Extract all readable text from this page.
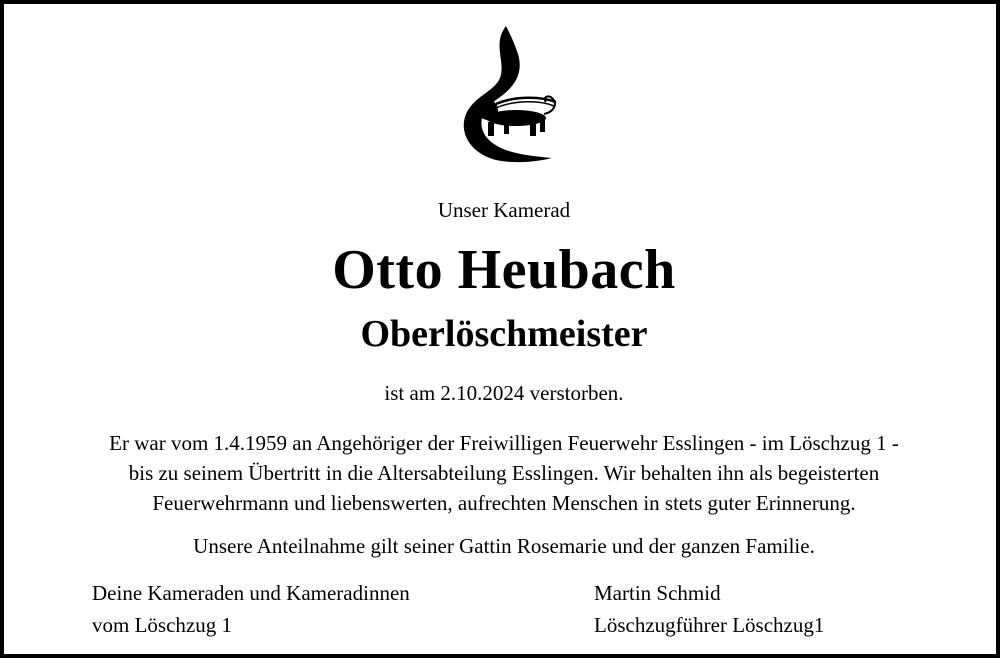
Unser Kamerad
Otto Heubach
Oberlöschmeister
ist am 2.10.2024 verstorben.
Er war vom 1.4.1959 an Angehöriger der Freiwilligen Feuerwehr Esslingen - im Löschzug 1 -
bis zu seinem Übertritt in die Altersabteilung Esslingen. Wir behalten ihn als begeisterten
Feuerwehrmann und liebenswerten, aufrechten Menschen in stets guter Erinnerung.
Unsere Anteilnahme gilt seiner Gattin Rosemarie und der ganzen Familie.
Deine Kameraden und Kameradinnen
vom Löschzug 1
Martin Schmid
Löschzugführer Löschzug1
